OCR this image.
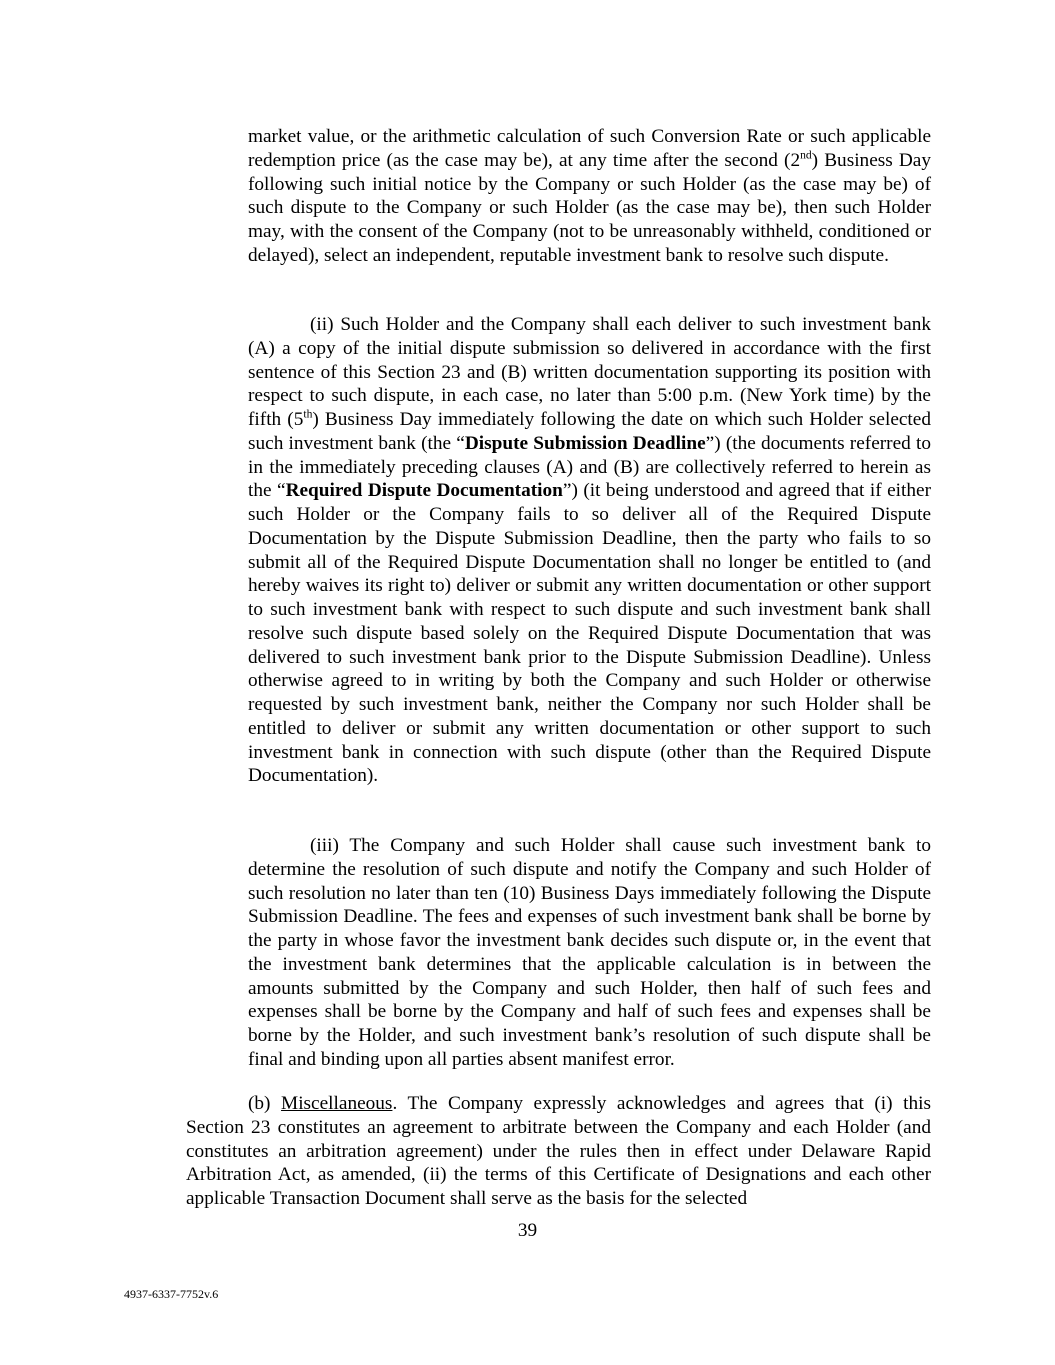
market value, or the arithmetic calculation of such Conversion Rate or such applicable redemption price (as the case may be), at any time after the second (2nd) Business Day following such initial notice by the Company or such Holder (as the case may be) of such dispute to the Company or such Holder (as the case may be), then such Holder may, with the consent of the Company (not to be unreasonably withheld, conditioned or delayed), select an independent, reputable investment bank to resolve such dispute.

(ii) Such Holder and the Company shall each deliver to such investment bank (A) a copy of the initial dispute submission so delivered in accordance with the first sentence of this Section 23 and (B) written documentation supporting its position with respect to such dispute, in each case, no later than 5:00 p.m. (New York time) by the fifth (5th) Business Day immediately following the date on which such Holder selected such investment bank (the “Dispute Submission Deadline”) (the documents referred to in the immediately preceding clauses (A) and (B) are collectively referred to herein as the “Required Dispute Documentation”) (it being understood and agreed that if either such Holder or the Company fails to so deliver all of the Required Dispute Documentation by the Dispute Submission Deadline, then the party who fails to so submit all of the Required Dispute Documentation shall no longer be entitled to (and hereby waives its right to) deliver or submit any written documentation or other support to such investment bank with respect to such dispute and such investment bank shall resolve such dispute based solely on the Required Dispute Documentation that was delivered to such investment bank prior to the Dispute Submission Deadline). Unless otherwise agreed to in writing by both the Company and such Holder or otherwise requested by such investment bank, neither the Company nor such Holder shall be entitled to deliver or submit any written documentation or other support to such investment bank in connection with such dispute (other than the Required Dispute Documentation).

(iii) The Company and such Holder shall cause such investment bank to determine the resolution of such dispute and notify the Company and such Holder of such resolution no later than ten (10) Business Days immediately following the Dispute Submission Deadline. The fees and expenses of such investment bank shall be borne by the party in whose favor the investment bank decides such dispute or, in the event that the investment bank determines that the applicable calculation is in between the amounts submitted by the Company and such Holder, then half of such fees and expenses shall be borne by the Company and half of such fees and expenses shall be borne by the Holder, and such investment bank’s resolution of such dispute shall be final and binding upon all parties absent manifest error.

(b) Miscellaneous. The Company expressly acknowledges and agrees that (i) this Section 23 constitutes an agreement to arbitrate between the Company and each Holder (and constitutes an arbitration agreement) under the rules then in effect under Delaware Rapid Arbitration Act, as amended, (ii) the terms of this Certificate of Designations and each other applicable Transaction Document shall serve as the basis for the selected

39
4937-6337-7752v.6
